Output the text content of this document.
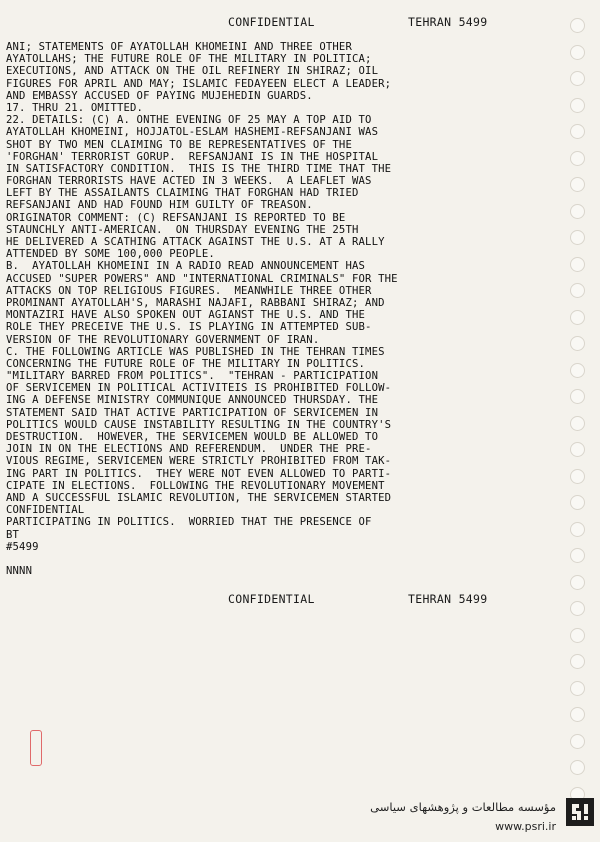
CONFIDENTIAL	TEHRAN 5499
ANI; STATEMENTS OF AYATOLLAH KHOMEINI AND THREE OTHER
AYATOLLAHS; THE FUTURE ROLE OF THE MILITARY IN POLITICA;
EXECUTIONS, AND ATTACK ON THE OIL REFINERY IN SHIRAZ; OIL
FIGURES FOR APRIL AND MAY; ISLAMIC FEDAYEEN ELECT A LEADER;
AND EMBASSY ACCUSED OF PAYING MUJEHEDIN GUARDS.
17. THRU 21. OMITTED.
22. DETAILS: (C) A. ONTHE EVENING OF 25 MAY A TOP AID TO
AYATOLLAH KHOMEINI, HOJJATOL-ESLAM HASHEMI-REFSANJANI WAS
SHOT BY TWO MEN CLAIMING TO BE REPRESENTATIVES OF THE
'FORGHAN' TERRORIST GORUP.  REFSANJANI IS IN THE HOSPITAL
IN SATISFACTORY CONDITION.  THIS IS THE THIRD TIME THAT THE
FORGHAN TERRORISTS HAVE ACTED IN 3 WEEKS.  A LEAFLET WAS
LEFT BY THE ASSAILANTS CLAIMING THAT FORGHAN HAD TRIED
REFSANJANI AND HAD FOUND HIM GUILTY OF TREASON.
ORIGINATOR COMMENT: (C) REFSANJANI IS REPORTED TO BE
STAUNCHLY ANTI-AMERICAN.  ON THURSDAY EVENING THE 25TH
HE DELIVERED A SCATHING ATTACK AGAINST THE U.S. AT A RALLY
ATTENDED BY SOME 100,000 PEOPLE.
B.  AYATOLLAH KHOMEINI IN A RADIO READ ANNOUNCEMENT HAS
ACCUSED "SUPER POWERS" AND "INTERNATIONAL CRIMINALS" FOR THE
ATTACKS ON TOP RELIGIOUS FIGURES.  MEANWHILE THREE OTHER
PROMINANT AYATOLLAH'S, MARASHI NAJAFI, RABBANI SHIRAZ; AND
MONTAZIRI HAVE ALSO SPOKEN OUT AGIANST THE U.S. AND THE
ROLE THEY PRECEIVE THE U.S. IS PLAYING IN ATTEMPTED SUB-
VERSION OF THE REVOLUTIONARY GOVERNMENT OF IRAN.
C. THE FOLLOWING ARTICLE WAS PUBLISHED IN THE TEHRAN TIMES
CONCERNING THE FUTURE ROLE OF THE MILITARY IN POLITICS.
"MILITARY BARRED FROM POLITICS".  "TEHRAN - PARTICIPATION
OF SERVICEMEN IN POLITICAL ACTIVITEIS IS PROHIBITED FOLLOW-
ING A DEFENSE MINISTRY COMMUNIQUE ANNOUNCED THURSDAY. THE
STATEMENT SAID THAT ACTIVE PARTICIPATION OF SERVICEMEN IN
POLITICS WOULD CAUSE INSTABILITY RESULTING IN THE COUNTRY'S
DESTRUCTION.  HOWEVER, THE SERVICEMEN WOULD BE ALLOWED TO
JOIN IN ON THE ELECTIONS AND REFERENDUM.  UNDER THE PRE-
VIOUS REGIME, SERVICEMEN WERE STRICTLY PROHIBITED FROM TAK-
ING PART IN POLITICS.  THEY WERE NOT EVEN ALLOWED TO PARTI-
CIPATE IN ELECTIONS.  FOLLOWING THE REVOLUTIONARY MOVEMENT
AND A SUCCESSFUL ISLAMIC REVOLUTION, THE SERVICEMEN STARTED
CONFIDENTIAL
PARTICIPATING IN POLITICS.  WORRIED THAT THE PRESENCE OF
BT
#5499
NNNN
CONFIDENTIAL	TEHRAN 5499
مؤسسه مطالعات و پژوهشهای سیاسی
www.psri.ir
